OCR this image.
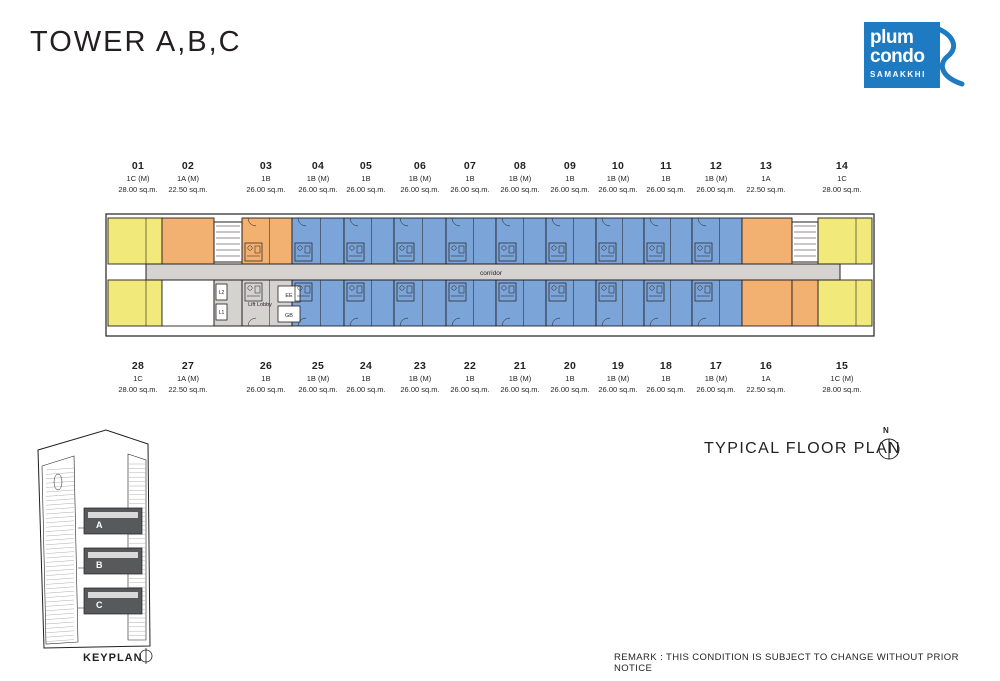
TOWER A,B,C	plum
condo
SAMAKKHI
01
1C (M)
28.00 sq.m.
02
1A (M)
22.50 sq.m.
03
1B
26.00 sq.m.
04
1B (M)
26.00 sq.m.
05
1B
26.00 sq.m.
06
1B (M)
26.00 sq.m.
07
1B
26.00 sq.m.
08
1B (M)
26.00 sq.m.
09
1B
26.00 sq.m.
10
1B (M)
26.00 sq.m.
11
1B
26.00 sq.m.
12
1B (M)
26.00 sq.m.
13
1A
22.50 sq.m.
14
1C
28.00 sq.m.
corridor
L2
L1
Lift Lobby
EE
GB
28
1C
28.00 sq.m.
27
1A (M)
22.50 sq.m.
26
1B
26.00 sq.m.
25
1B (M)
26.00 sq.m.
24
1B
26.00 sq.m.
23
1B (M)
26.00 sq.m.
22
1B
26.00 sq.m.
21
1B (M)
26.00 sq.m.
20
1B
26.00 sq.m.
19
1B (M)
26.00 sq.m.
18
1B
26.00 sq.m.
17
1B (M)
26.00 sq.m.
16
1A
22.50 sq.m.
15
1C (M)
28.00 sq.m.
TYPICAL FLOOR PLAN
N
A
B
C
KEYPLAN	REMARK : THIS CONDITION IS SUBJECT TO CHANGE WITHOUT PRIOR NOTICE
